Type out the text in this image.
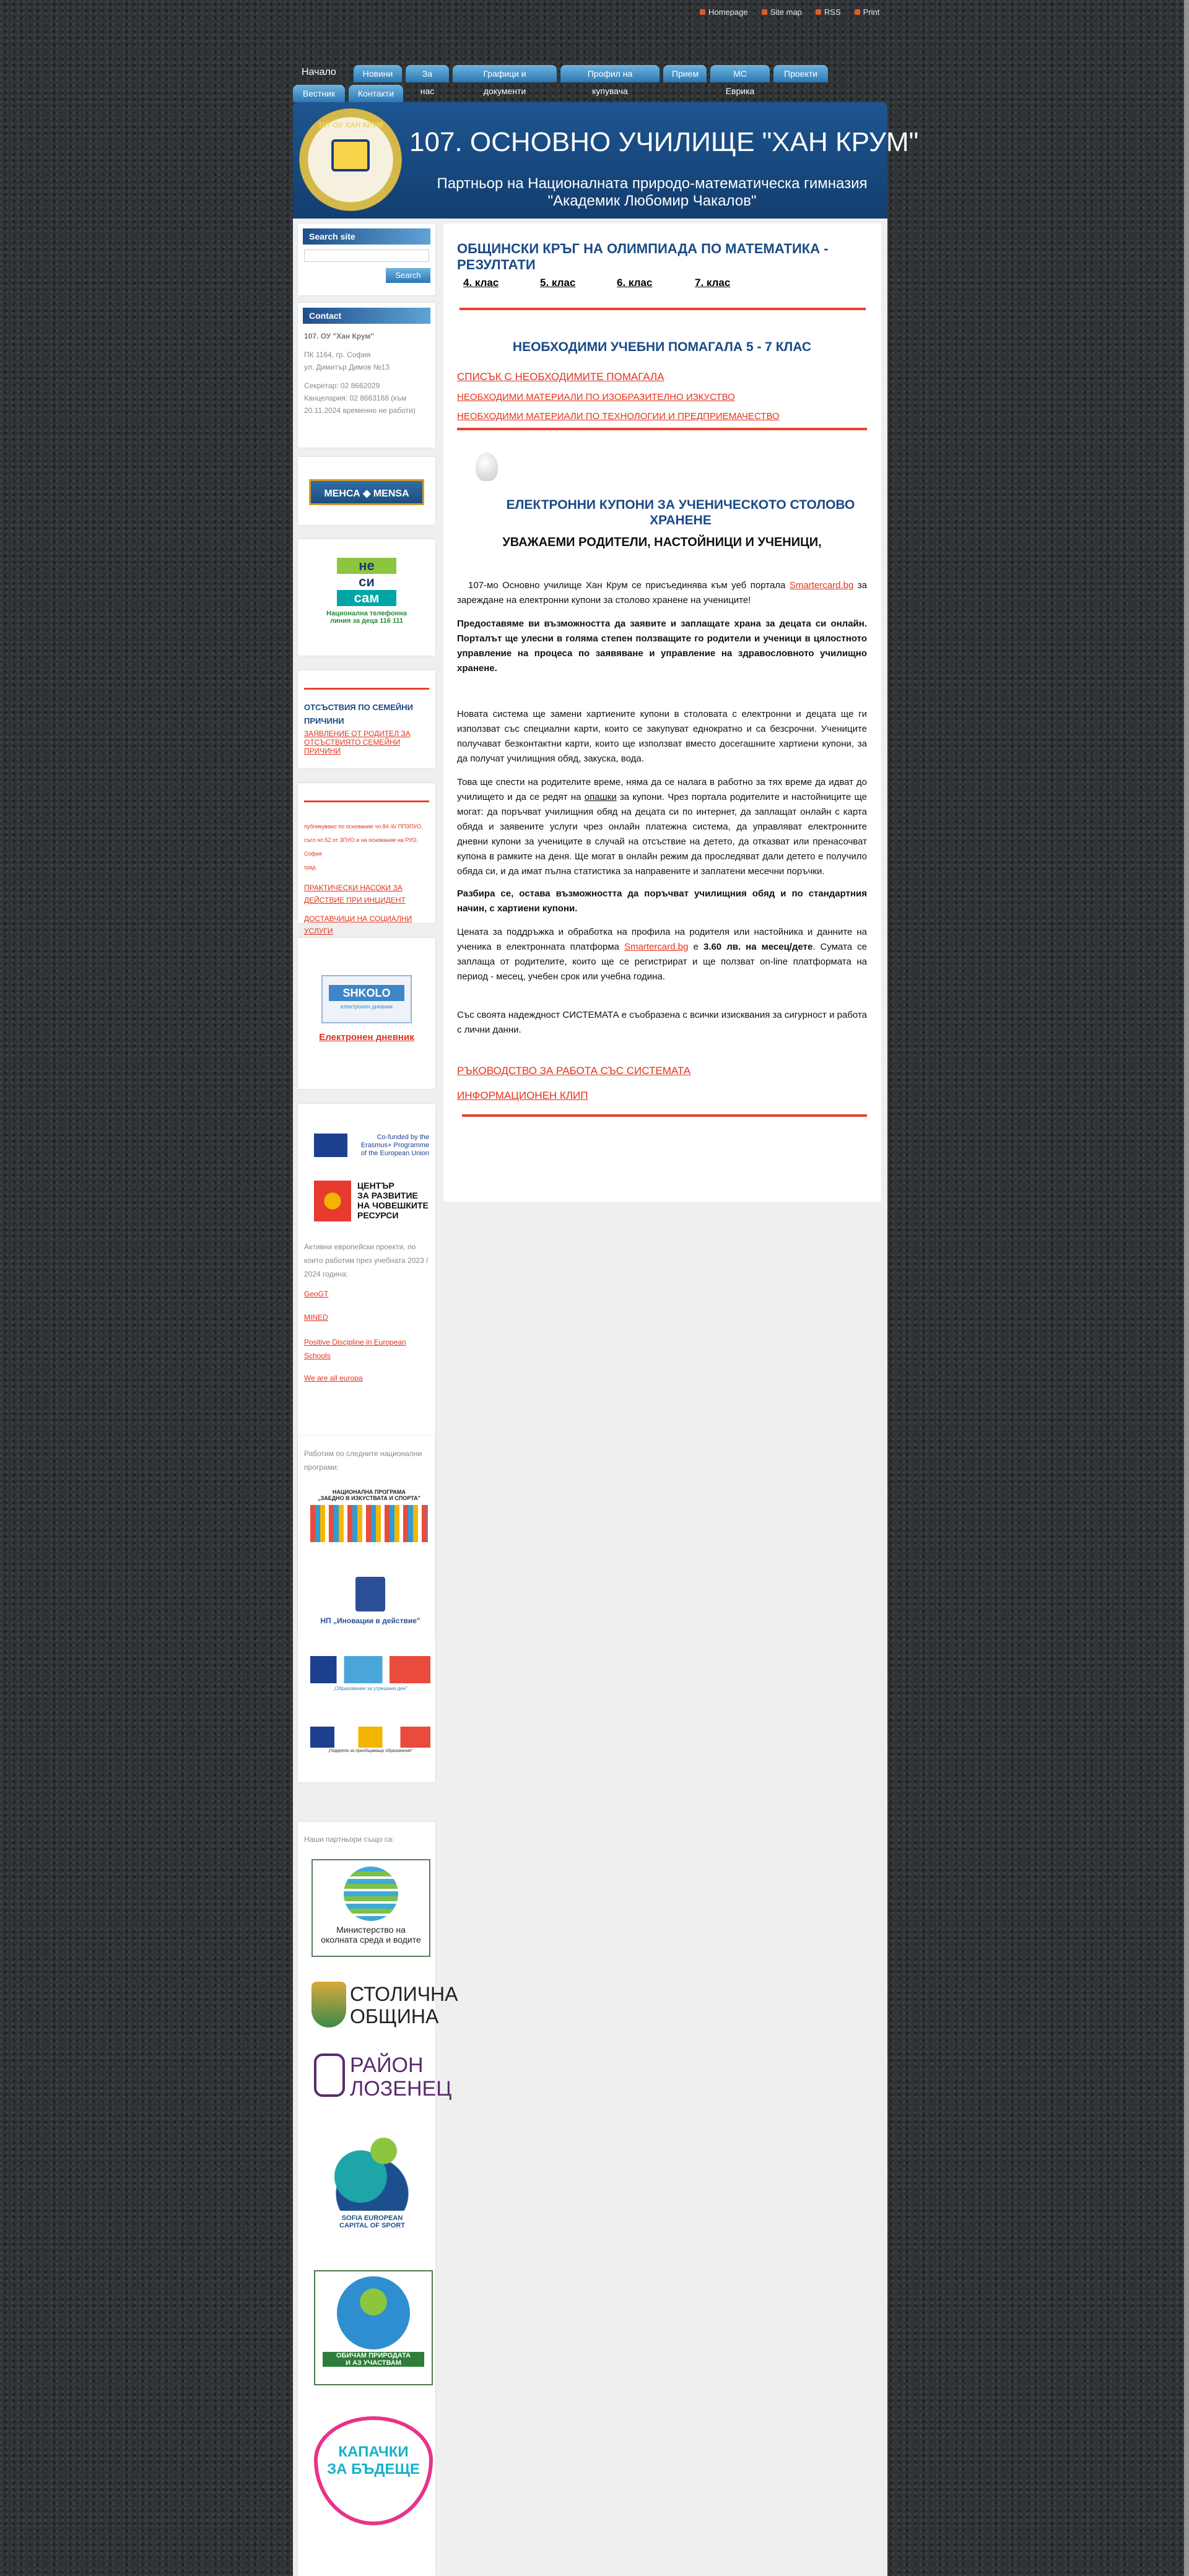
Homepage	Site map	RSS	Print
Начало	Новини	За нас
Графици и документи
Профил на купувача
Прием	МС Еврика
Проекти
Вестник	Контакти
107 ОУ ХАН КРУМ
107. ОСНОВНО УЧИЛИЩЕ "ХАН КРУМ"
Партньор на Националната природо-математическа гимназия
"Академик Любомир Чакалов"
Search site
Search
Contact
107. ОУ "Хан Крум"
ПК 1164, гр. София
ул. Димитър Димов №13
Секретар: 02 8662029
Канцелария: 02 8663168 (към
20.11.2024 временно не работи)
МЕНСА ◆ MENSA
не
си
сам
Национална телефонна
линия за деца 116 111
ОТСЪСТВИЯ ПО СЕМЕЙНИ
ПРИЧИНИ
ЗАЯВЛЕНИЕ ОТ РОДИТЕЛ ЗА ОТСЪСТВИЯТО СЕМЕЙНИ ПРИЧИНИ
публикувано по основание чл.84 /6/ ППЗПУО,
съгл.чл.52 от ЗПУО и на основание на РУО, София
град
ПРАКТИЧЕСКИ НАСОКИ ЗА ДЕЙСТВИЕ ПРИ ИНЦИДЕНТ
ДОСТАВЧИЦИ НА СОЦИАЛНИ УСЛУГИ
SHKOLO
електронен дневник
Електронен дневник
Co-funded by the
Erasmus+ Programme
of the European Union
ЦЕНТЪР
ЗА РАЗВИТИЕ
НА ЧОВЕШКИТЕ
РЕСУРСИ
Активни европейски проекти, по които работим през учебната 2023 / 2024 година:
GeoGT
MINED
Positive Discipline in European Schools
We are all europa
Работим по следните национални програми:
НАЦИОНАЛНА ПРОГРАМА
„ЗАЕДНО В ИЗКУСТВАТА И СПОРТА"
НП „Иновации в действие"
„Образование за утрешния ден"
„Подкрепа за приобщаващо образование"
Наши партньори също са:
Министерство на
околната среда и водите
СТОЛИЧНА
ОБЩИНА
РАЙОН
ЛОЗЕНЕЦ
SOFIA EUROPEAN
CAPITAL OF SPORT
ОБИЧАМ ПРИРОДАТА
И АЗ УЧАСТВАМ
КАПАЧКИ
ЗА БЪДЕЩЕ
ОБЩИНСКИ КРЪГ НА ОЛИМПИАДА ПО МАТЕМАТИКА - РЕЗУЛТАТИ
4. клас	5. клас	6. клас	7. клас
НЕОБХОДИМИ УЧЕБНИ ПОМАГАЛА 5 - 7 КЛАС
СПИСЪК С НЕОБХОДИМИТЕ ПОМАГАЛА
НЕОБХОДИМИ МАТЕРИАЛИ ПО ИЗОБРАЗИТЕЛНО ИЗКУСТВО
НЕОБХОДИМИ МАТЕРИАЛИ ПО ТЕХНОЛОГИИ И ПРЕДПРИЕМАЧЕСТВО
ЕЛЕКТРОННИ КУПОНИ ЗА УЧЕНИЧЕСКОТО СТОЛОВО ХРАНЕНЕ
УВАЖАЕМИ РОДИТЕЛИ, НАСТОЙНИЦИ И УЧЕНИЦИ,

107-мо Основно училище Хан Крум се присъединява към уеб портала Smartercard.bg за зареждане на електронни купони за столово хранене на учениците!

Предоставяме ви възможността да заявите и заплащате храна за децата си онлайн. Порталът ще улесни в голяма степен ползващите го родители и ученици в цялостното управление на процеса по заявяване и управление на здравословното училищно хранене.

Новата система ще замени хартиените купони в столовата с електронни и децата ще ги използват със специални карти, които се закупуват еднократно и са безсрочни. Учениците получават безконтактни карти, които ще използват вместо досегашните хартиени купони, за да получат училищния обяд, закуска, вода.

Това ще спести на родителите време, няма да се налага в работно за тях време да идват до училището и да се редят на опашки за купони. Чрез портала родителите и настойниците ще могат: да поръчват училищния обяд на децата си по интернет, да заплащат онлайн с карта обяда и заявените услуги чрез онлайн платежна система, да управляват електронните дневни купони за учениците в случай на отсъствие на детето, да отказват или пренасочват купона в рамките на деня. Ще могат в онлайн режим да проследяват дали детето е получило обяда си, и да имат пълна статистика за направените и заплатени месечни поръчки.

Разбира се, остава възможността да поръчват училищния обяд и по стандартния начин, с хартиени купони.

Цената за поддръжка и обработка на профила на родителя или настойника и данните на ученика в електронната платформа Smartercard.bg е 3.60 лв. на месец/дете. Сумата се заплаща от родителите, които ще се регистрират и ще ползват on-line платформата на период - месец, учебен срок или учебна година.

Със своята надеждност СИСТЕМАТА е съобразена с всички изисквания за сигурност и работа с лични данни.

РЪКОВОДСТВО ЗА РАБОТА СЪС СИСТЕМАТА
ИНФОРМАЦИОНЕН КЛИП
